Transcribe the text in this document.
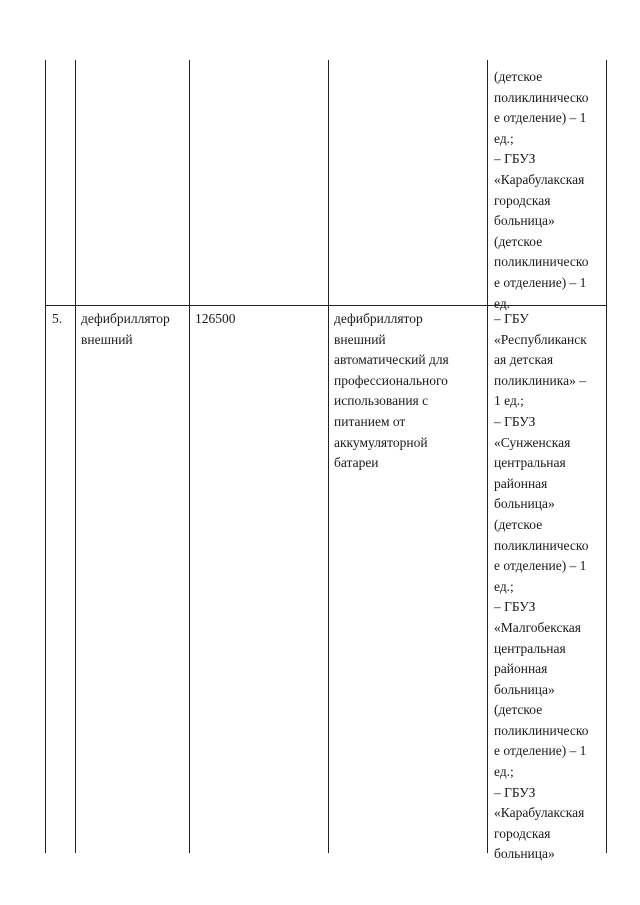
(детское
поликлиническо
е отделение) – 1
ед.;
– ГБУЗ
«Карабулакская
городская
больница»
(детское
поликлиническо
е отделение) – 1
ед.
5. дефибриллятор
внешний
126500	дефибриллятор
внешний
автоматический для
профессионального
использования с
питанием от
аккумуляторной
батареи
– ГБУ
«Республиканск
ая детская
поликлиника» –
1 ед.;
– ГБУЗ
«Сунженская
центральная
районная
больница»
(детское
поликлиническо
е отделение) – 1
ед.;
– ГБУЗ
«Малгобекская
центральная
районная
больница»
(детское
поликлиническо
е отделение) – 1
ед.;
– ГБУЗ
«Карабулакская
городская
больница»
